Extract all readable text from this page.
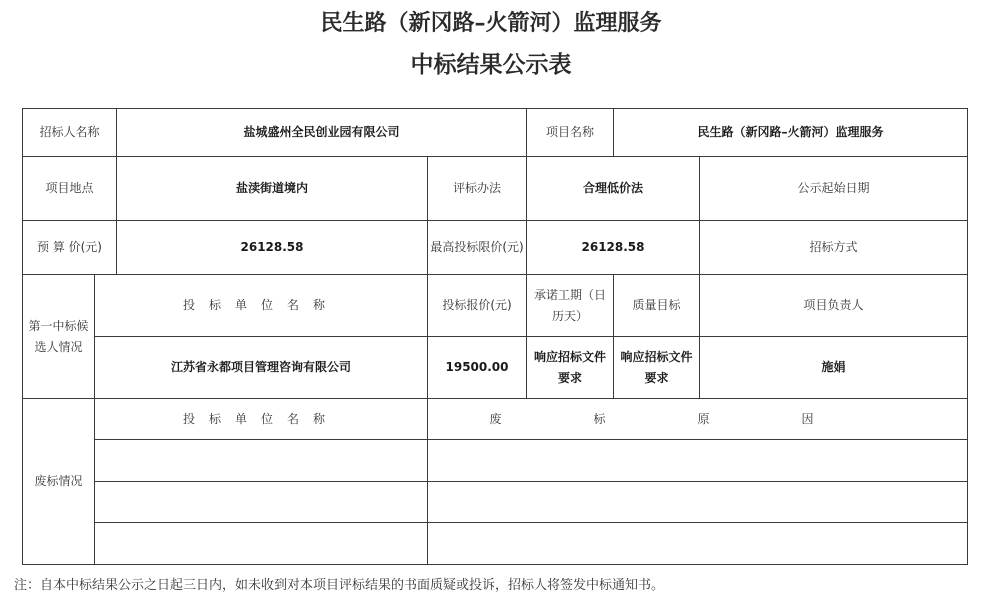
民生路（新冈路–火箭河）监理服务
中标结果公示表
招标人名称		盐城盛州全民创业园有限公司		项目名称	民生路（新冈路–火箭河）监理服务	
项目地点		盐渎街道境内	评标办法	合理低价法		公示起始日期
预 算 价(元)		26128.58	最高投标限价(元)	26128.58		招标方式
第一中标候选人情况	投标单位名称		投标报价(元)	承诺工期（日历天）	质量目标	项目负责人
	江苏省永都项目管理咨询有限公司		19500.00	响应招标文件要求	响应招标文件要求	施娟
废标情况	投标单位名称		废标原因			

注：自本中标结果公示之日起三日内，如未收到对本项目评标结果的书面质疑或投诉，招标人将签发中标通知书。
